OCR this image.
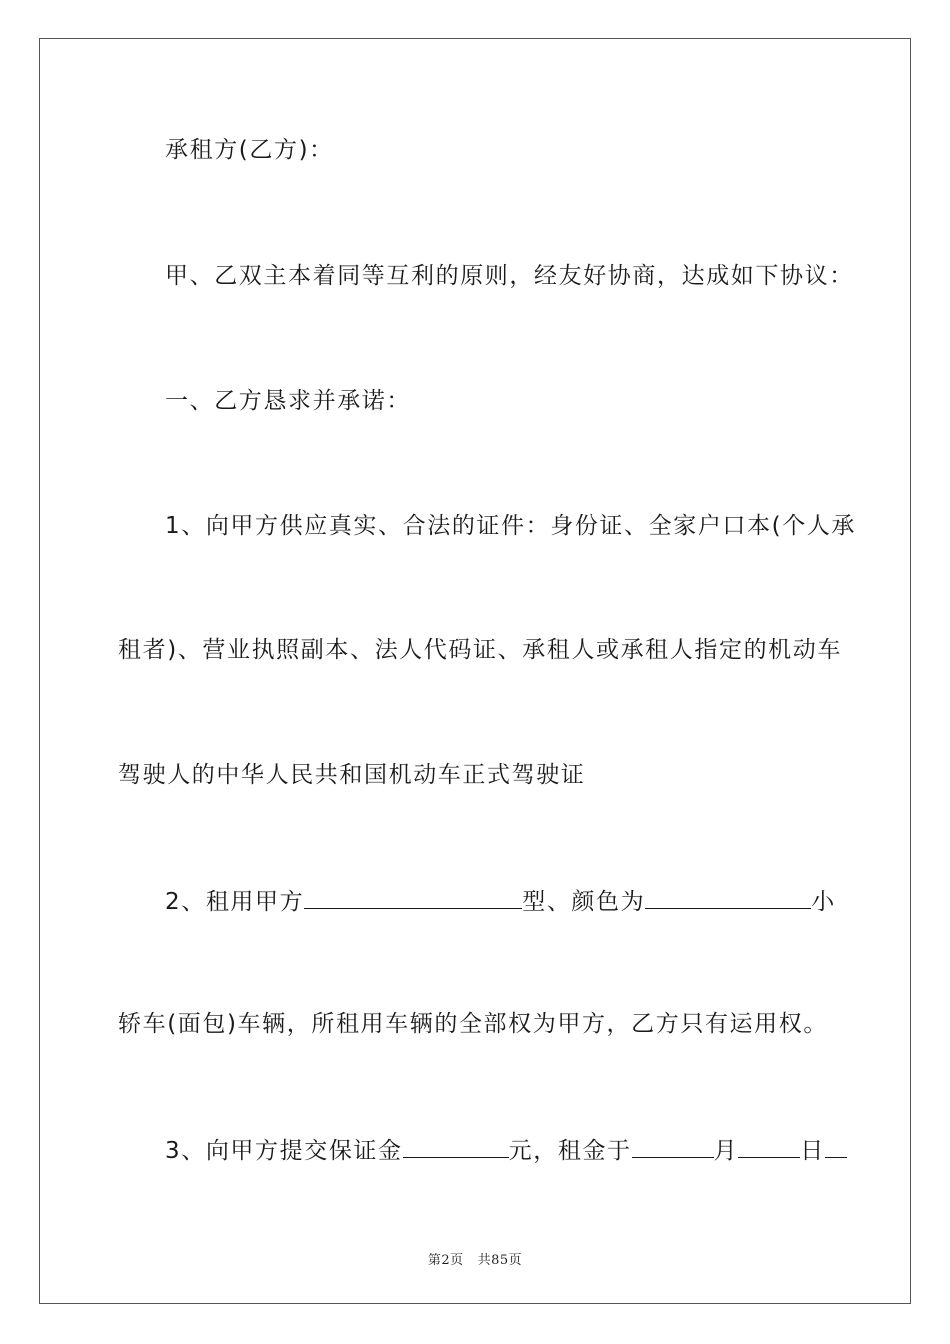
承租方(乙方)：
甲、乙双主本着同等互利的原则，经友好协商，达成如下协议：
一、乙方恳求并承诺：
1、向甲方供应真实、合法的证件：身份证、全家户口本(个人承
租者)、营业执照副本、法人代码证、承租人或承租人指定的机动车
驾驶人的中华人民共和国机动车正式驾驶证
2、租用甲方	型、颜色为	小
轿车(面包)车辆，所租用车辆的全部权为甲方，乙方只有运用权。
3、向甲方提交保证金	元，租金于	月	日
第2页 共85页
